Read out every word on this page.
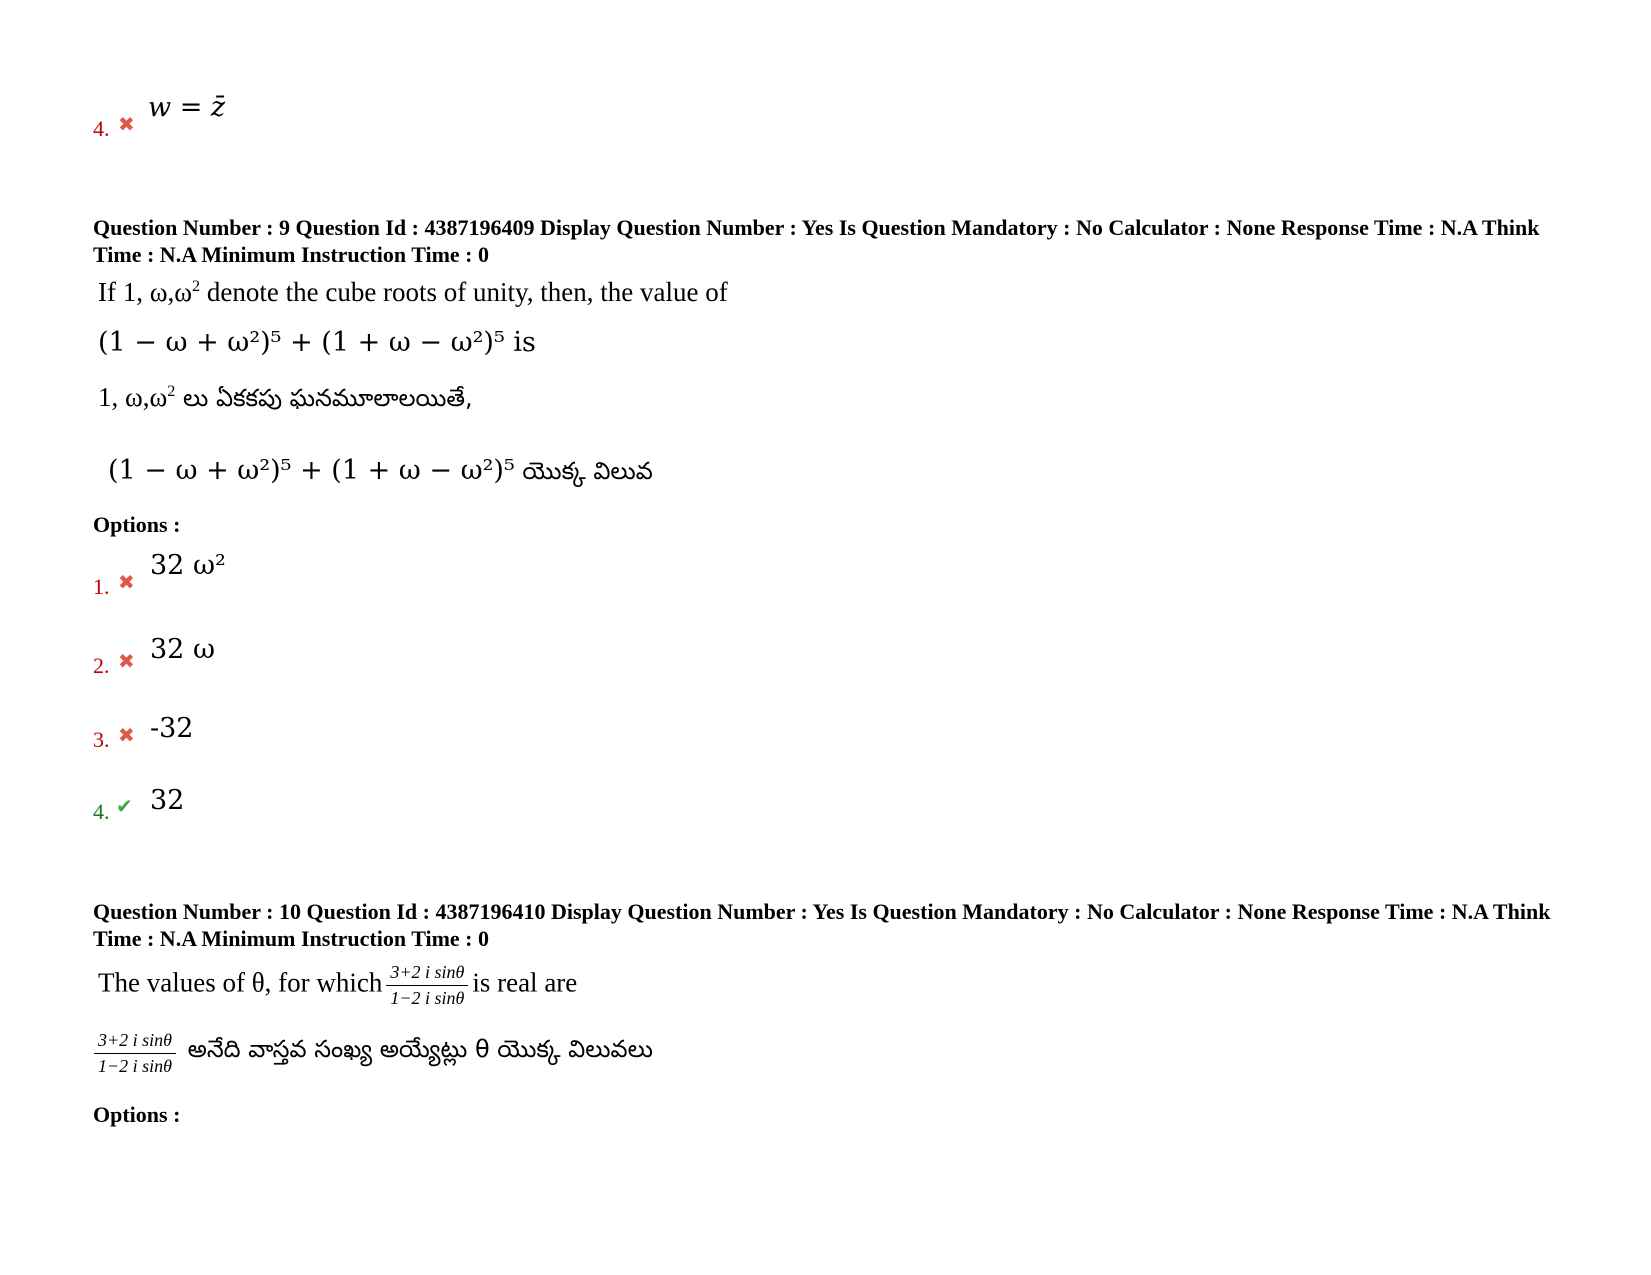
4. ✖
w = z̄
Question Number : 9 Question Id : 4387196409 Display Question Number : Yes Is Question Mandatory : No Calculator : None Response Time : N.A Think Time : N.A Minimum Instruction Time : 0
If 1, $\omega,\omega^2$ denote the cube roots of unity, then, the value of
(1 − ω + ω²)⁵ + (1 + ω − ω²)⁵ is
1, $\omega,\omega^2$ లు ఏకకపు ఘనమూలాలయితే,
(1 − ω + ω²)⁵ + (1 + ω − ω²)⁵ యొక్క విలువ
Options :
1. ✖
32 ω²
2. ✖ 32 ω
3. ✖ -32
4. ✔ 32
Question Number : 10 Question Id : 4387196410 Display Question Number : Yes Is Question Mandatory : No Calculator : None Response Time : N.A Think Time : N.A Minimum Instruction Time : 0
The values of θ, for which $\frac{\text{3+2 i sinθ}}{\text{1−2 i sinθ}}$ is real are
$\frac{\text{3+2 i sinθ}}{\text{1−2 i sinθ}}$ అనేది వాస్తవ సంఖ్య అయ్యేట్లు θ యొక్క విలువలు
Options :
